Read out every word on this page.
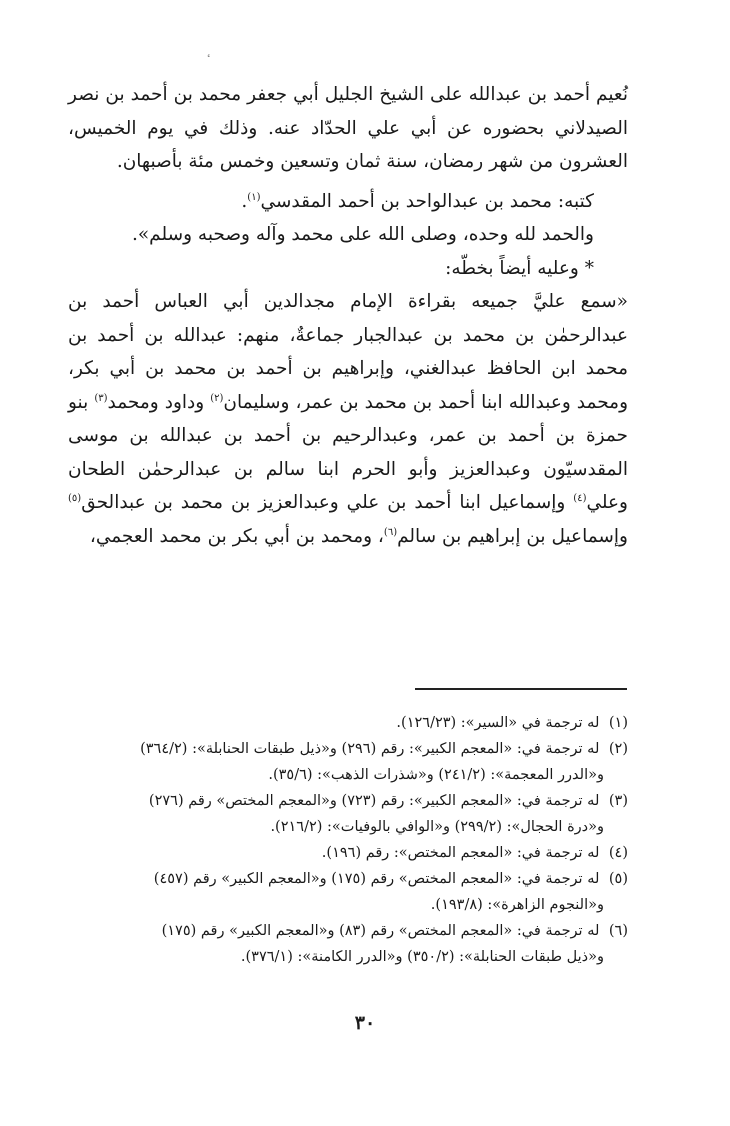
نُعيم أحمد بن عبدالله على الشيخ الجليل أبي جعفر محمد بن أحمد بن نصر الصيدلاني بحضوره عن أبي علي الحدّاد عنه. وذلك في يوم الخميس، العشرون من شهر رمضان، سنة ثمان وتسعين وخمس مئة بأصبهان.

كتبه: محمد بن عبدالواحد بن أحمد المقدسي$^{(١)}$.

والحمد لله وحده، وصلى الله على محمد وآله وصحبه وسلم».

* وعليه أيضاً بخطّه:

«سمع عليَّ جميعه بقراءة الإمام مجدالدين أبي العباس أحمد بن عبدالرحمٰن بن محمد بن عبدالجبار جماعةٌ، منهم: عبدالله بن أحمد بن محمد ابن الحافظ عبدالغني، وإبراهيم بن أحمد بن محمد بن أبي بكر، ومحمد وعبدالله ابنا أحمد بن محمد بن عمر، وسليمان$^{(٢)}$ وداود ومحمد$^{(٣)}$ بنو حمزة بن أحمد بن عمر، وعبدالرحيم بن أحمد بن عبدالله بن موسى المقدسيّون وعبدالعزيز وأبو الحرم ابنا سالم بن عبدالرحمٰن الطحان وعلي$^{(٤)}$ وإسماعيل ابنا أحمد بن علي وعبدالعزيز بن محمد بن عبدالحق$^{(٥)}$ وإسماعيل بن إبراهيم بن سالم$^{(٦)}$، ومحمد بن أبي بكر بن محمد العجمي،

(١) له ترجمة في «السير»: (١٢٦/٢٣).

(٢) له ترجمة في: «المعجم الكبير»: رقم (٢٩٦) و«ذيل طبقات الحنابلة»: (٣٦٤/٢)
و«الدرر المعجمة»: (٢٤١/٢) و«شذرات الذهب»: (٣٥/٦).

(٣) له ترجمة في: «المعجم الكبير»: رقم (٧٢٣) و«المعجم المختص» رقم (٢٧٦)
و«درة الحجال»: (٢٩٩/٢) و«الوافي بالوفيات»: (٢١٦/٢).

(٤) له ترجمة في: «المعجم المختص»: رقم (١٩٦).

(٥) له ترجمة في: «المعجم المختص» رقم (١٧٥) و«المعجم الكبير» رقم (٤٥٧)
و«النجوم الزاهرة»: (١٩٣/٨).

(٦) له ترجمة في: «المعجم المختص» رقم (٨٣) و«المعجم الكبير» رقم (١٧٥)
و«ذيل طبقات الحنابلة»: (٣٥٠/٢) و«الدرر الكامنة»: (٣٧٦/١).

٣٠
